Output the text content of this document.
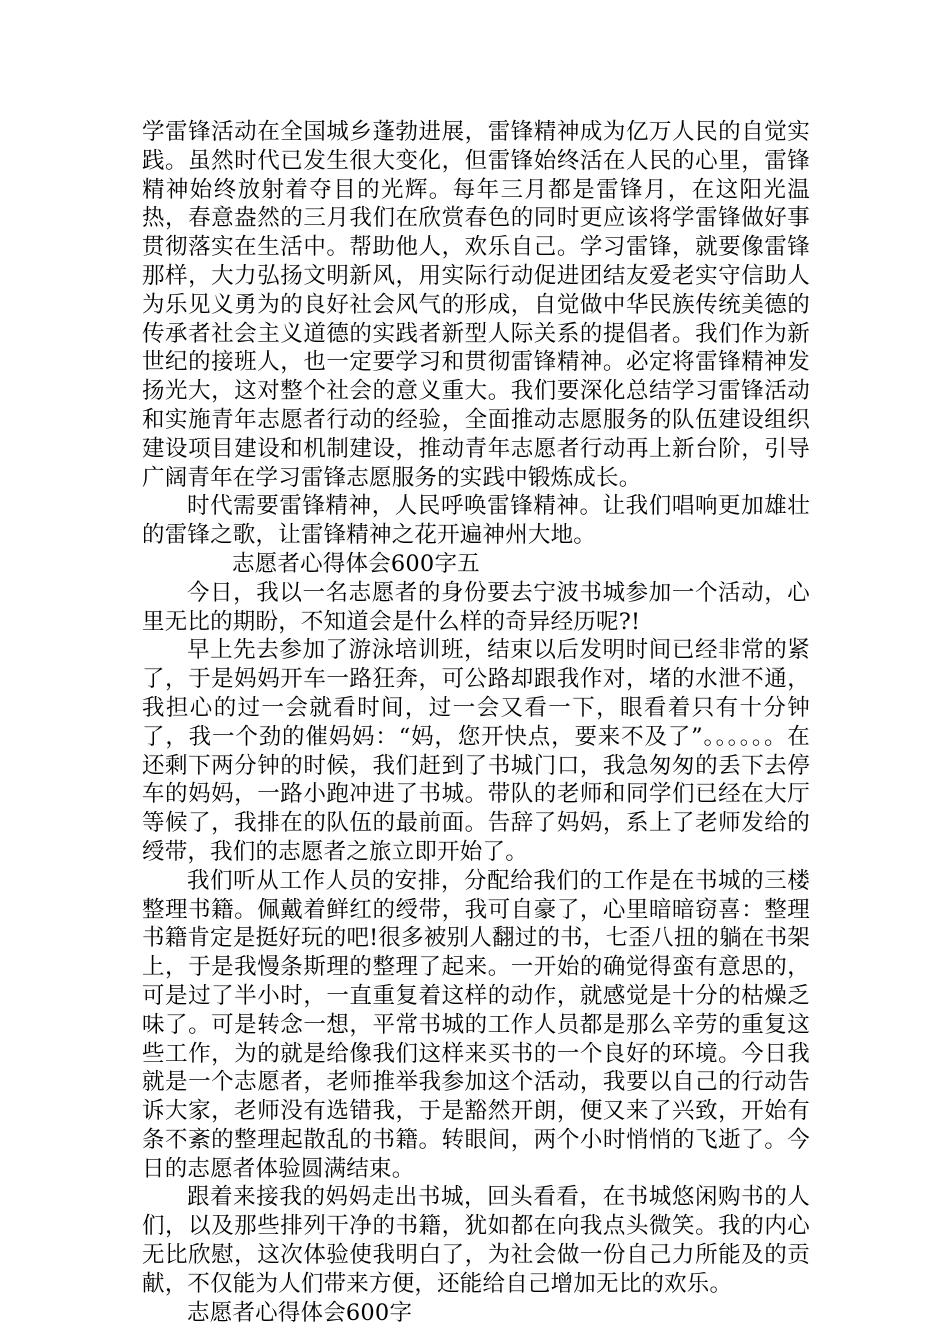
学雷锋活动在全国城乡蓬勃进展，雷锋精神成为亿万人民的自觉实践。虽然时代已发生很大变化，但雷锋始终活在人民的心里，雷锋精神始终放射着夺目的光辉。每年三月都是雷锋月，在这阳光温热，春意盎然的三月我们在欣赏春色的同时更应该将学雷锋做好事贯彻落实在生活中。帮助他人，欢乐自己。学习雷锋，就要像雷锋那样，大力弘扬文明新风，用实际行动促进团结友爱老实守信助人为乐见义勇为的良好社会风气的形成，自觉做中华民族传统美德的传承者社会主义道德的实践者新型人际关系的提倡者。我们作为新世纪的接班人，也一定要学习和贯彻雷锋精神。必定将雷锋精神发扬光大，这对整个社会的意义重大。我们要深化总结学习雷锋活动和实施青年志愿者行动的经验，全面推动志愿服务的队伍建设组织建设项目建设和机制建设，推动青年志愿者行动再上新台阶，引导广阔青年在学习雷锋志愿服务的实践中锻炼成长。

时代需要雷锋精神，人民呼唤雷锋精神。让我们唱响更加雄壮的雷锋之歌，让雷锋精神之花开遍神州大地。

志愿者心得体会600字五

今日，我以一名志愿者的身份要去宁波书城参加一个活动，心里无比的期盼，不知道会是什么样的奇异经历呢?!

早上先去参加了游泳培训班，结束以后发明时间已经非常的紧了，于是妈妈开车一路狂奔，可公路却跟我作对，堵的水泄不通，我担心的过一会就看时间，过一会又看一下，眼看着只有十分钟了，我一个劲的催妈妈：“妈，您开快点，要来不及了”。。。。。。在还剩下两分钟的时候，我们赶到了书城门口，我急匆匆的丢下去停车的妈妈，一路小跑冲进了书城。带队的老师和同学们已经在大厅等候了，我排在的队伍的最前面。告辞了妈妈，系上了老师发给的绶带，我们的志愿者之旅立即开始了。

我们听从工作人员的安排，分配给我们的工作是在书城的三楼整理书籍。佩戴着鲜红的绶带，我可自豪了，心里暗暗窃喜：整理书籍肯定是挺好玩的吧!很多被别人翻过的书，七歪八扭的躺在书架上，于是我慢条斯理的整理了起来。一开始的确觉得蛮有意思的，可是过了半小时，一直重复着这样的动作，就感觉是十分的枯燥乏味了。可是转念一想，平常书城的工作人员都是那么辛劳的重复这些工作，为的就是给像我们这样来买书的一个良好的环境。今日我就是一个志愿者，老师推举我参加这个活动，我要以自己的行动告诉大家，老师没有选错我，于是豁然开朗，便又来了兴致，开始有条不紊的整理起散乱的书籍。转眼间，两个小时悄悄的飞逝了。今日的志愿者体验圆满结束。

跟着来接我的妈妈走出书城，回头看看，在书城悠闲购书的人们，以及那些排列干净的书籍，犹如都在向我点头微笑。我的内心无比欣慰，这次体验使我明白了，为社会做一份自己力所能及的贡献，不仅能为人们带来方便，还能给自己增加无比的欢乐。

志愿者心得体会600字
